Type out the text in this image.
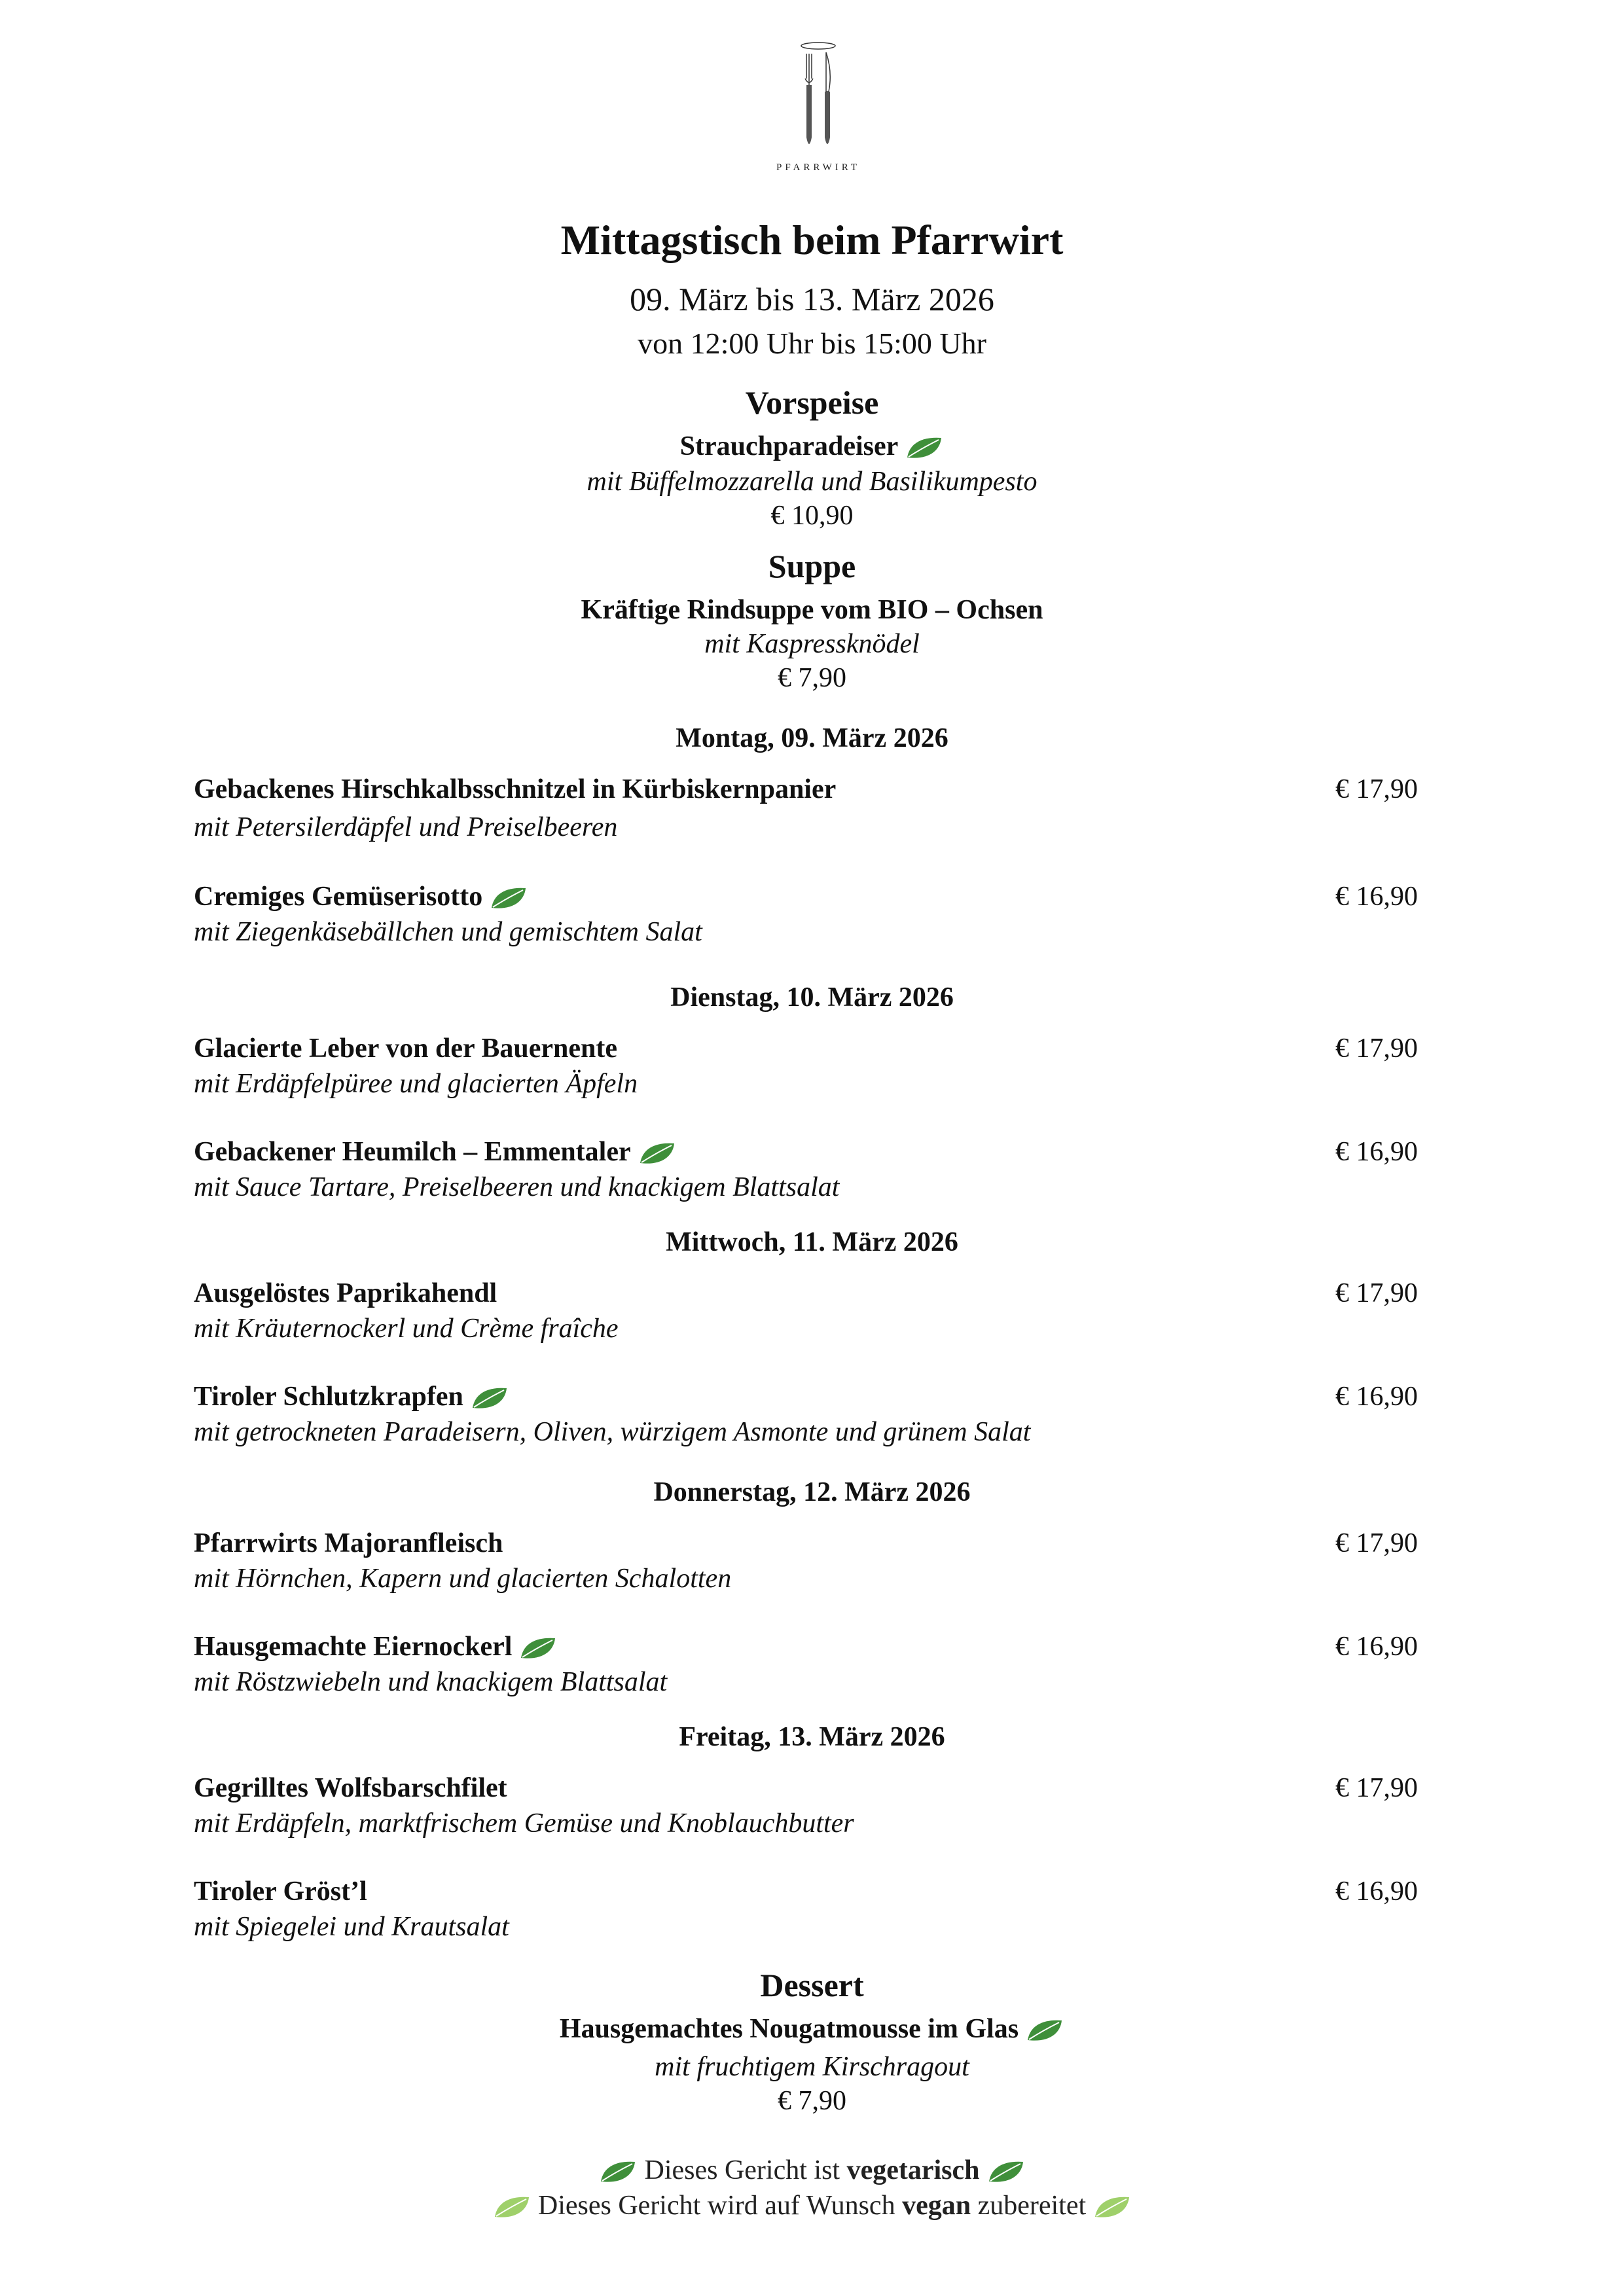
PFARRWIRT
Mittagstisch beim Pfarrwirt
09. März bis 13. März 2026
von 12:00 Uhr bis 15:00 Uhr
Vorspeise
Strauchparadeiser
mit Büffelmozzarella und Basilikumpesto
€ 10,90
Suppe
Kräftige Rindsuppe vom BIO – Ochsen
mit Kaspressknödel
€ 7,90
Montag, 09. März 2026
Gebackenes Hirschkalbsschnitzel in Kürbiskernpanier	€ 17,90
mit Petersilerdäpfel und Preiselbeeren
Cremiges Gemüserisotto	€ 16,90
mit Ziegenkäsebällchen und gemischtem Salat
Dienstag, 10. März 2026
Glacierte Leber von der Bauernente	€ 17,90
mit Erdäpfelpüree und glacierten Äpfeln
Gebackener Heumilch – Emmentaler	€ 16,90
mit Sauce Tartare, Preiselbeeren und knackigem Blattsalat
Mittwoch, 11. März 2026
Ausgelöstes Paprikahendl	€ 17,90
mit Kräuternockerl und Crème fraîche
Tiroler Schlutzkrapfen	€ 16,90
mit getrockneten Paradeisern, Oliven, würzigem Asmonte und grünem Salat
Donnerstag, 12. März 2026
Pfarrwirts Majoranfleisch	€ 17,90
mit Hörnchen, Kapern und glacierten Schalotten
Hausgemachte Eiernockerl	€ 16,90
mit Röstzwiebeln und knackigem Blattsalat
Freitag, 13. März 2026
Gegrilltes Wolfsbarschfilet	€ 17,90
mit Erdäpfeln, marktfrischem Gemüse und Knoblauchbutter
Tiroler Gröst’l	€ 16,90
mit Spiegelei und Krautsalat
Dessert
Hausgemachtes Nougatmousse im Glas
mit fruchtigem Kirschragout
€ 7,90
Dieses Gericht ist vegetarisch
Dieses Gericht wird auf Wunsch vegan zubereitet
